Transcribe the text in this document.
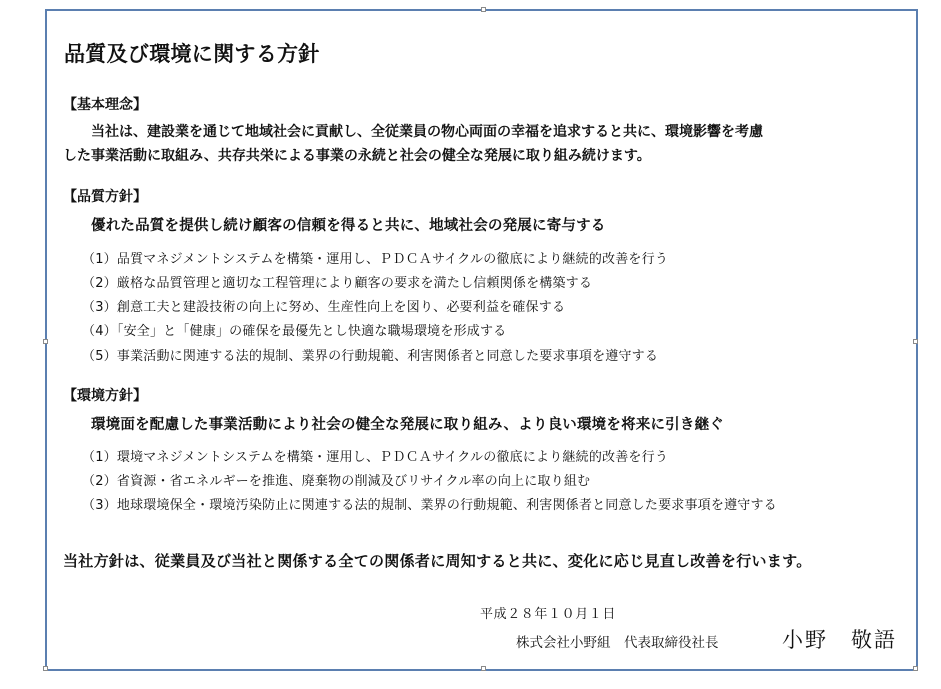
品質及び環境に関する方針

【基本理念】

当社は、建設業を通じて地域社会に貢献し、全従業員の物心両面の幸福を追求すると共に、環境影響を考慮

した事業活動に取組み、共存共栄による事業の永続と社会の健全な発展に取り組み続けます。

【品質方針】

優れた品質を提供し続け顧客の信頼を得ると共に、地域社会の発展に寄与する

（1）品質マネジメントシステムを構築・運用し、ＰＤＣＡサイクルの徹底により継続的改善を行う

（2）厳格な品質管理と適切な工程管理により顧客の要求を満たし信頼関係を構築する

（3）創意工夫と建設技術の向上に努め、生産性向上を図り、必要利益を確保する

（4）「安全」と「健康」の確保を最優先とし快適な職場環境を形成する

（5）事業活動に関連する法的規制、業界の行動規範、利害関係者と同意した要求事項を遵守する

【環境方針】

環境面を配慮した事業活動により社会の健全な発展に取り組み、より良い環境を将来に引き継ぐ

（1）環境マネジメントシステムを構築・運用し、ＰＤＣＡサイクルの徹底により継続的改善を行う

（2）省資源・省エネルギーを推進、廃棄物の削減及びリサイクル率の向上に取り組む

（3）地球環境保全・環境汚染防止に関連する法的規制、業界の行動規範、利害関係者と同意した要求事項を遵守する

当社方針は、従業員及び当社と関係する全ての関係者に周知すると共に、変化に応じ見直し改善を行います。

平成２８年１０月１日

株式会社小野組　代表取締役社長	小野　敬語
